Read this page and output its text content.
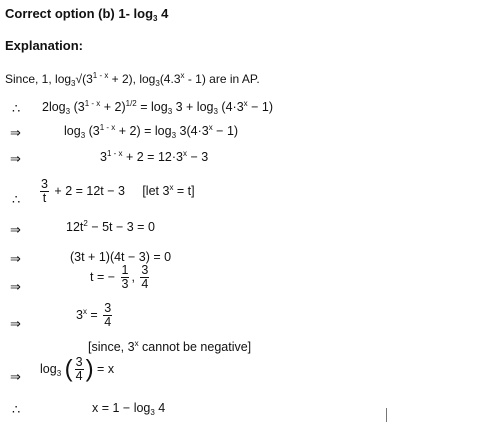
Correct option (b) 1- $\log_3 4$
Explanation:
Since, 1, $\log_3√(3^{1 - x} + 2)$, $\log_3(4.3^x - 1)$ are in AP.
∴ $2\log_3$ $(3^{1 - x} + 2)^{1/2} = \log_3 3 + \log_3 (4\cdot 3^x - 1)$
⇒	$\log_3 (3^{1 - x} + 2) = \log_3 3(4\cdot 3^x - 1)$
⇒	$3^{1 - x} + 2 = 12\cdot 3^x - 3$
∴ $\frac{3}{t} + 2 = 12t - 3$     [let $3^x = t$]
⇒	$12t^2 - 5t - 3 = 0$
⇒	(3t + 1)(4t − 3) = 0
⇒
t = − $\frac{1}{3}$ , $\frac{3}{4}$
⇒
$3^x = \frac{3}{4}$
[since, 3$^x$ cannot be negative]
⇒
$\log_3$ ( $\frac{3}{4}$ ) = x
∴	$x = 1 - \log_3 4$
